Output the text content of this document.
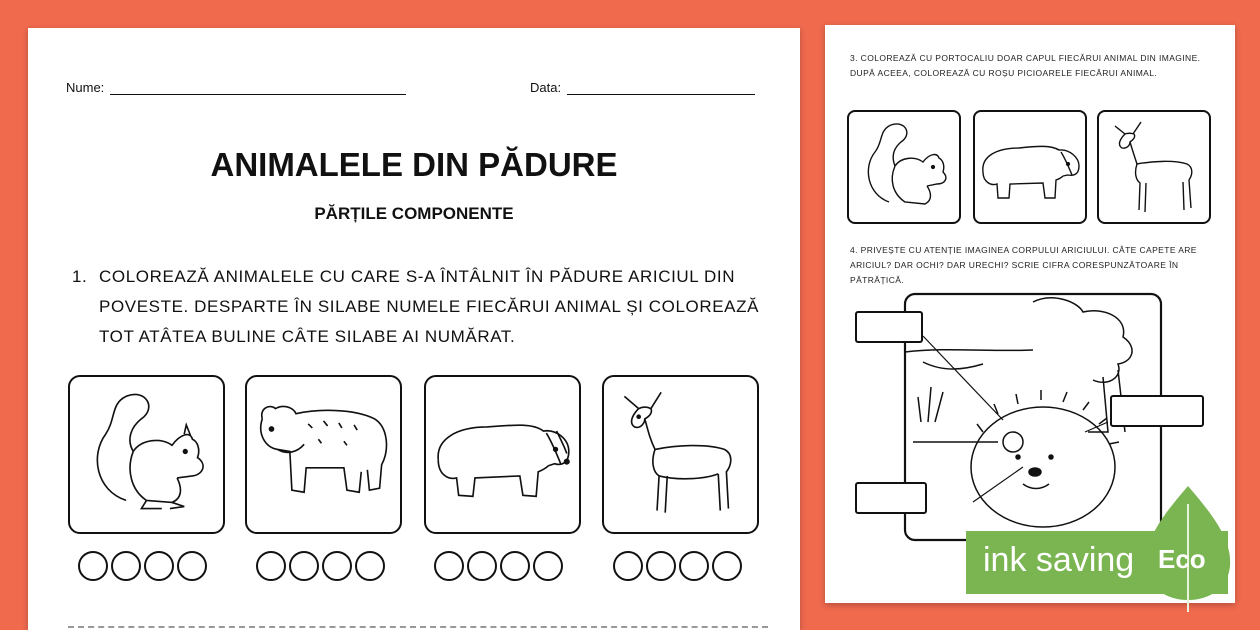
Nume:	Data:
ANIMALELE DIN PĂDURE
PĂRȚILE COMPONENTE
1. COLOREAZĂ ANIMALELE CU CARE S-A ÎNTÂLNIT ÎN PĂDURE ARICIUL DIN POVESTE. DESPARTE ÎN SILABE NUMELE FIECĂRUI ANIMAL ȘI COLOREAZĂ TOT ATÂTEA BULINE CÂTE SILABE AI NUMĂRAT.
3. COLOREAZĂ CU PORTOCALIU DOAR CAPUL FIECĂRUI ANIMAL DIN IMAGINE. DUPĂ ACEEA, COLOREAZĂ CU ROȘU PICIOARELE FIECĂRUI ANIMAL.
4. PRIVEȘTE CU ATENȚIE IMAGINEA CORPULUI ARICIULUI. CÂTE CAPETE ARE ARICIUL? DAR OCHI? DAR URECHI? SCRIE CIFRA CORESPUNZĂTOARE ÎN PĂTRĂȚICĂ.
ink saving Eco
